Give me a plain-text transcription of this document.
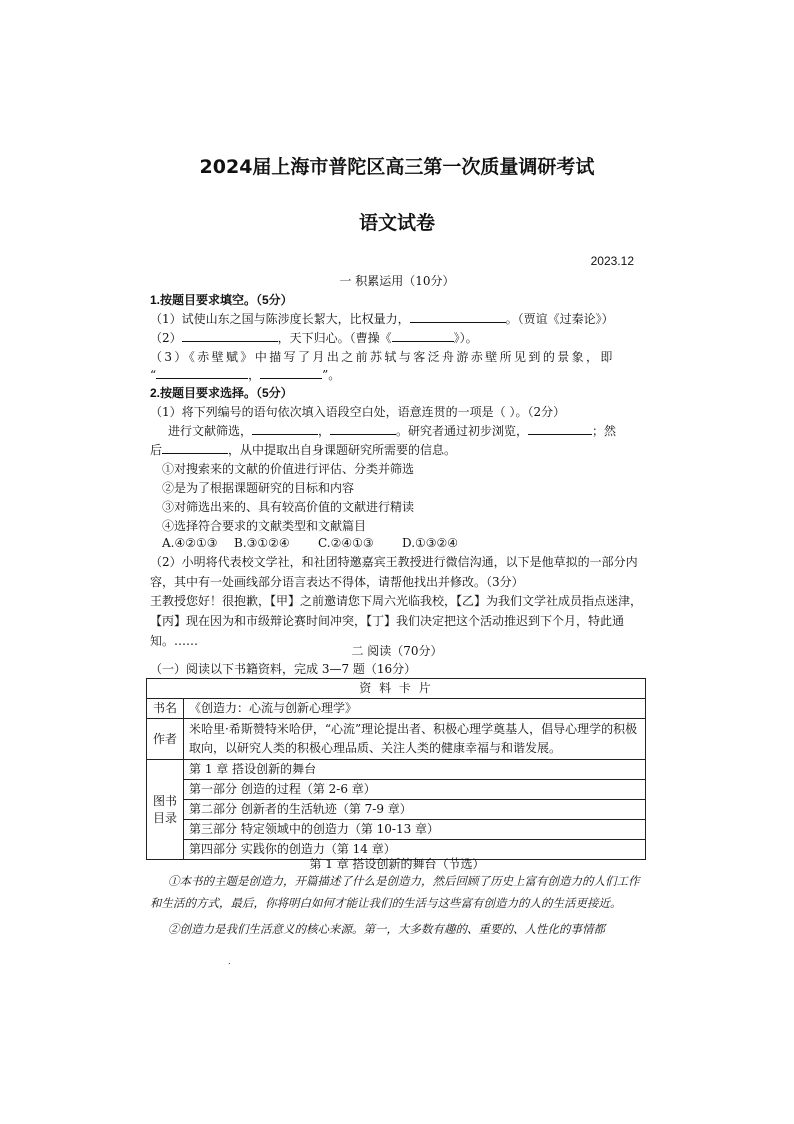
2024届上海市普陀区高三第一次质量调研考试
语文试卷
2023.12
一 积累运用（10分）
1.按题目要求填空。（5分）
（1）试使山东之国与陈涉度长絜大，比权量力，	。（贾谊《过秦论》）
（2）	，天下归心。（曹操《	》）。
（3）《赤壁赋》中描写了月出之前苏轼与客泛舟游赤壁所见到的景象，即
“	，	”。
2.按题目要求选择。（5分）
（1）将下列编号的语句依次填入语段空白处，语意连贯的一项是（ ）。（2分）
进行文献筛选，	，	。研究者通过初步浏览，	；然
后	，从中提取出自身课题研究所需要的信息。
①对搜索来的文献的价值进行评估、分类并筛选
②是为了根据课题研究的目标和内容
③对筛选出来的、具有较高价值的文献进行精读
④选择符合要求的文献类型和文献篇目
A.④②①③ B.③①②④ C.②④①③ D.①③②④
（2）小明将代表校文学社，和社团特邀嘉宾王教授进行微信沟通，以下是他草拟的一部分内容，其中有一处画线部分语言表达不得体，请帮他找出并修改。（3分）
王教授您好！很抱歉，【甲】之前邀请您下周六光临我校，【乙】为我们文学社成员指点迷津，【丙】现在因为和市级辩论赛时间冲突，【丁】我们决定把这个活动推迟到下个月，特此通知。……
二 阅读（70分）
（一）阅读以下书籍资料，完成 3—7 题（16分）
资 料 卡 片	
书名	《创造力：心流与创新心理学》
作者	米哈里·希斯赞特米哈伊，“心流”理论提出者、积极心理学奠基人，倡导心理学的积极取向，以研究人类的积极心理品质、关注人类的健康幸福与和谐发展。
图书目录	第 1 章 搭设创新的舞台
	第一部分 创造的过程（第 2-6 章）
	第二部分 创新者的生活轨迹（第 7-9 章）
	第三部分 特定领域中的创造力（第 10-13 章）
	第四部分 实践你的创造力（第 14 章）
第 1 章 搭设创新的舞台（节选）

①本书的主题是创造力，开篇描述了什么是创造力，然后回顾了历史上富有创造力的人们工作和生活的方式，最后，你将明白如何才能让我们的生活与这些富有创造力的人的生活更接近。

②创造力是我们生活意义的核心来源。第一，大多数有趣的、重要的、人性化的事情都

.
